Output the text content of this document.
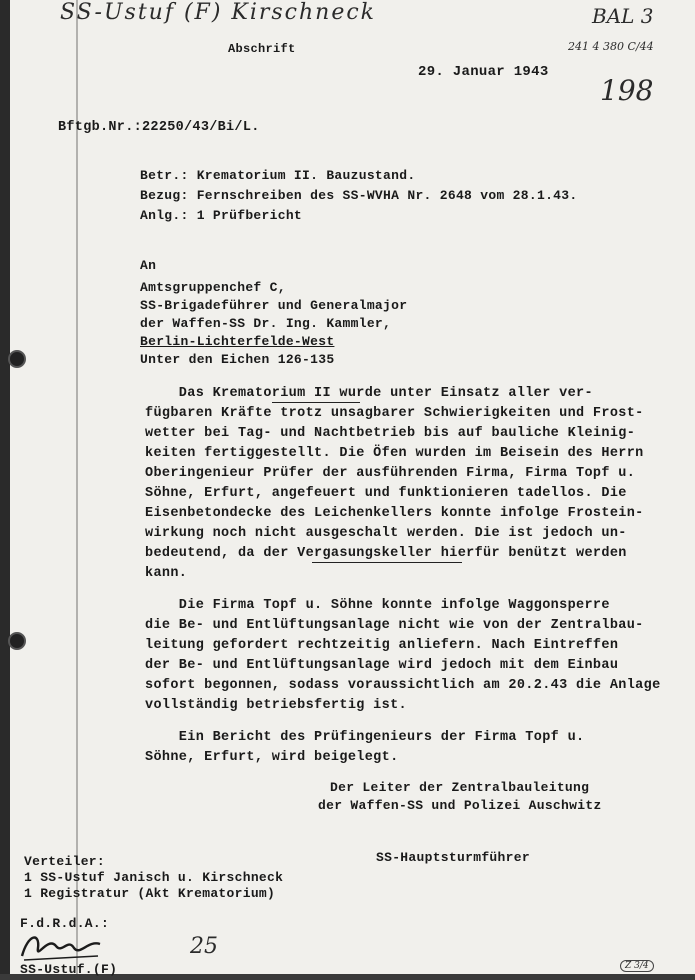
SS-Ustuf (F) Kirschneck	BAL 3
241 4 380 C/44
198
Abschrift
29. Januar 1943
Bftgb.Nr.:22250/43/Bi/L.
Betr.: Krematorium II. Bauzustand.
Bezug: Fernschreiben des SS-WVHA Nr. 2648 vom 28.1.43.
Anlg.: 1 Prüfbericht
An
Amtsgruppenchef C,
SS-Brigadeführer und Generalmajor
der Waffen-SS Dr. Ing. Kammler,
Berlin-Lichterfelde-West
Unter den Eichen 126-135
Das Krematorium II wurde unter Einsatz aller ver-
fügbaren Kräfte trotz unsagbarer Schwierigkeiten und Frost-
wetter bei Tag- und Nachtbetrieb bis auf bauliche Kleinig-
keiten fertiggestellt. Die Öfen wurden im Beisein des Herrn
Oberingenieur Prüfer der ausführenden Firma, Firma Topf u.
Söhne, Erfurt, angefeuert und funktionieren tadellos. Die
Eisenbetondecke des Leichenkellers konnte infolge Frostein-
wirkung noch nicht ausgeschalt werden. Die ist jedoch un-
bedeutend, da der Vergasungskeller hierfür benützt werden
kann.
Die Firma Topf u. Söhne konnte infolge Waggonsperre
die Be- und Entlüftungsanlage nicht wie von der Zentralbau-
leitung gefordert rechtzeitig anliefern. Nach Eintreffen
der Be- und Entlüftungsanlage wird jedoch mit dem Einbau
sofort begonnen, sodass voraussichtlich am 20.2.43 die Anlage
vollständig betriebsfertig ist.
Ein Bericht des Prüfingenieurs der Firma Topf u.
Söhne, Erfurt, wird beigelegt.
Der Leiter der Zentralbauleitung
der Waffen-SS und Polizei Auschwitz
SS-Hauptsturmführer
Verteiler:
1 SS-Ustuf Janisch u. Kirschneck
1 Registratur (Akt Krematorium)
F.d.R.d.A.:
25
SS-Ustuf.(F)	Z 3/4
